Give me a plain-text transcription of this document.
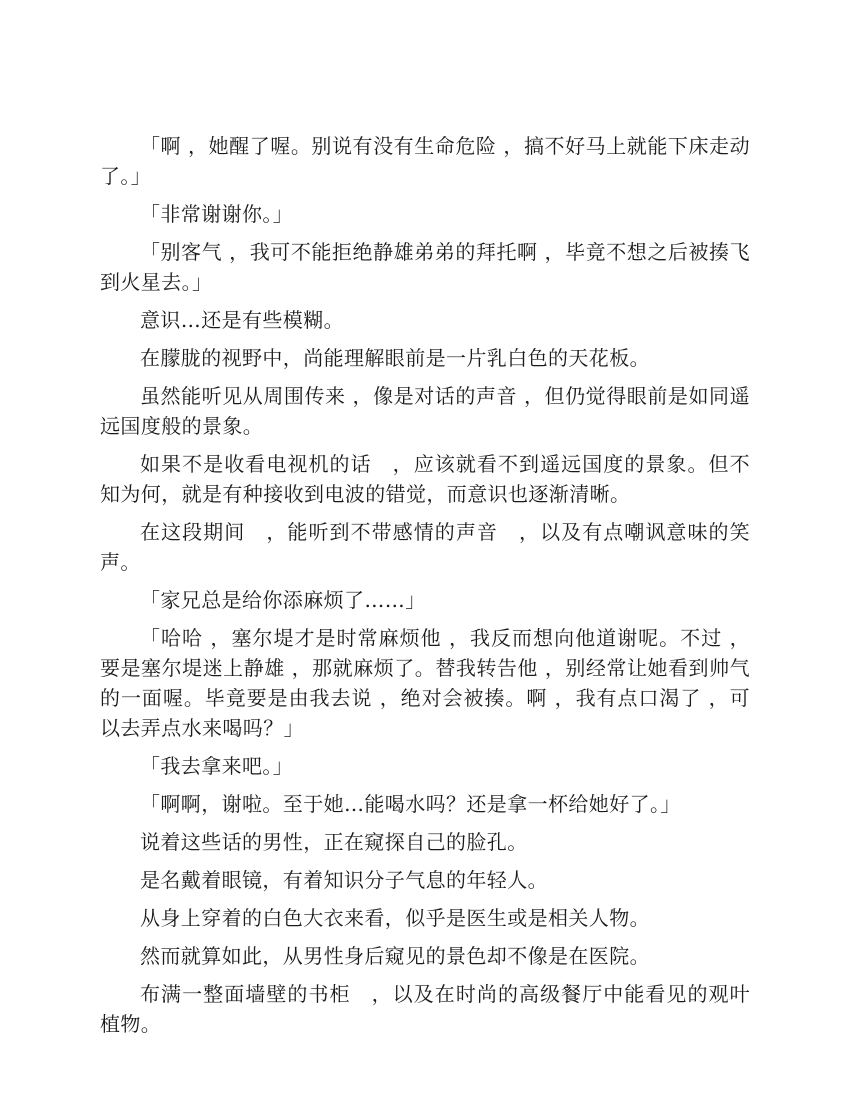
「啊 ，她醒了喔。别说有没有生命危险 ，搞不好马上就能下床走动了。」

「非常谢谢你。」

「别客气 ，我可不能拒绝静雄弟弟的拜托啊 ，毕竟不想之后被揍飞到火星去。」

意识…还是有些模糊。

在朦胧的视野中，尚能理解眼前是一片乳白色的天花板。

虽然能听见从周围传来 ，像是对话的声音 ，但仍觉得眼前是如同遥远国度般的景象。

如果不是收看电视机的话　，应该就看不到遥远国度的景象。但不知为何，就是有种接收到电波的错觉，而意识也逐渐清晰。

在这段期间　，能听到不带感情的声音　，以及有点嘲讽意味的笑声。

「家兄总是给你添麻烦了……」

「哈哈 ，塞尔堤才是时常麻烦他 ，我反而想向他道谢呢。不过 ，要是塞尔堤迷上静雄 ，那就麻烦了。替我转告他 ，别经常让她看到帅气的一面喔。毕竟要是由我去说 ，绝对会被揍。啊 ，我有点口渴了 ，可以去弄点水来喝吗？」

「我去拿来吧。」

「啊啊，谢啦。至于她…能喝水吗？还是拿一杯给她好了。」

说着这些话的男性，正在窥探自己的脸孔。

是名戴着眼镜，有着知识分子气息的年轻人。

从身上穿着的白色大衣来看，似乎是医生或是相关人物。

然而就算如此，从男性身后窥见的景色却不像是在医院。

布满一整面墙壁的书柜　，以及在时尚的高级餐厅中能看见的观叶植物。
